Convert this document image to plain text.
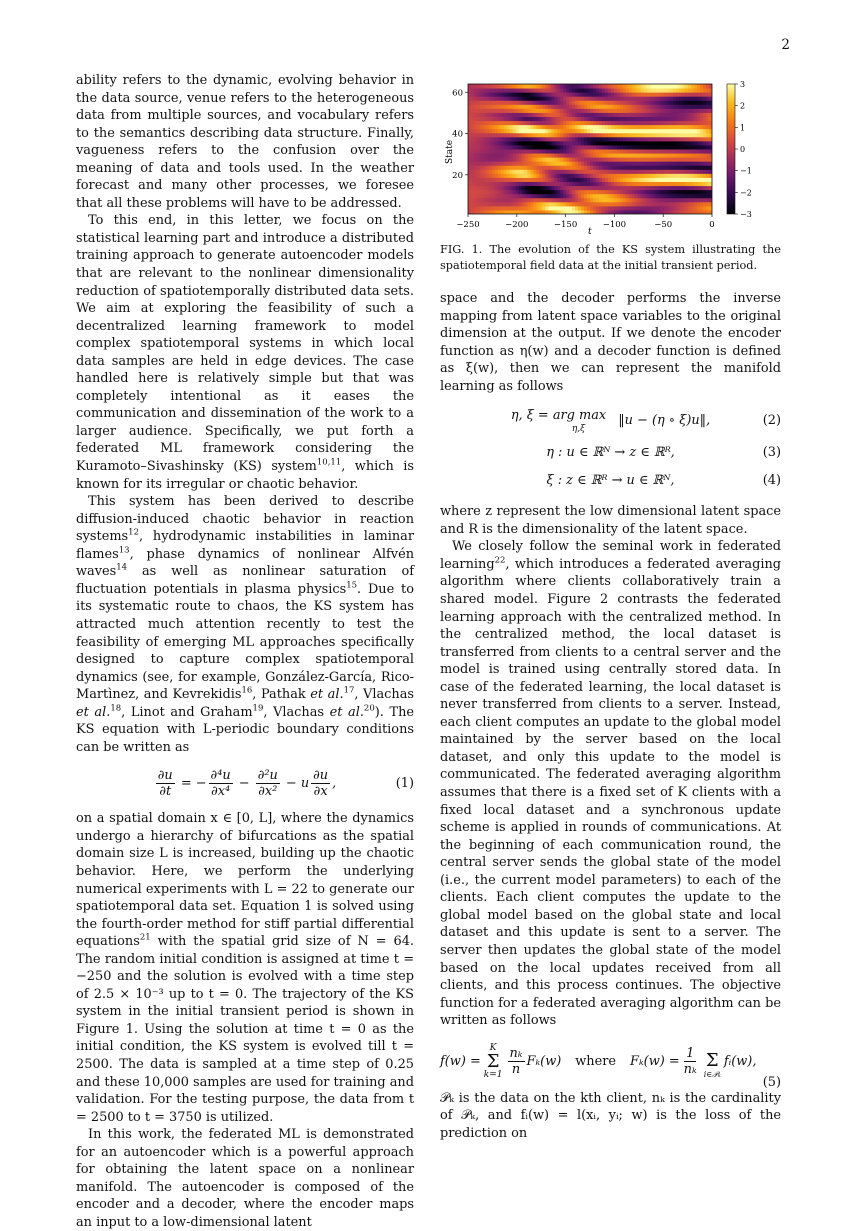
2

ability refers to the dynamic, evolving behavior in the data source, venue refers to the heterogeneous data from multiple sources, and vocabulary refers to the semantics describing data structure. Finally, vagueness refers to the confusion over the meaning of data and tools used. In the weather forecast and many other processes, we foresee that all these problems will have to be addressed.

To this end, in this letter, we focus on the statistical learning part and introduce a distributed training approach to generate autoencoder models that are relevant to the nonlinear dimensionality reduction of spatiotemporally distributed data sets. We aim at exploring the feasibility of such a decentralized learning framework to model complex spatiotemporal systems in which local data samples are held in edge devices. The case handled here is relatively simple but that was completely intentional as it eases the communication and dissemination of the work to a larger audience. Specifically, we put forth a federated ML framework considering the Kuramoto–Sivashinsky (KS) system$^{10,11}$, which is known for its irregular or chaotic behavior.

This system has been derived to describe diffusion-induced chaotic behavior in reaction systems$^{12}$, hydrodynamic instabilities in laminar flames$^{13}$, phase dynamics of nonlinear Alfvén waves$^{14}$ as well as nonlinear saturation of fluctuation potentials in plasma physics$^{15}$. Due to its systematic route to chaos, the KS system has attracted much attention recently to test the feasibility of emerging ML approaches specifically designed to capture complex spatiotemporal dynamics (see, for example, González-García, Rico-Martìnez, and Kevrekidis$^{16}$, Pathak et al.$^{17}$, Vlachas et al.$^{18}$, Linot and Graham$^{19}$, Vlachas et al.$^{20}$). The KS equation with L-periodic boundary conditions can be written as

$\frac{\partial u}{\partial t}$ = − $\frac{\text{∂⁴u}}{\text{∂x⁴}} - \frac{\text{∂²u}}{\text{∂x²}} - u \frac{\partial u}{\partial x}$ ,	(1)

on a spatial domain x ∈ [0, L], where the dynamics undergo a hierarchy of bifurcations as the spatial domain size L is increased, building up the chaotic behavior. Here, we perform the underlying numerical experiments with L = 22 to generate our spatiotemporal data set. Equation 1 is solved using the fourth-order method for stiff partial differential equations$^{21}$ with the spatial grid size of N = 64. The random initial condition is assigned at time t = −250 and the solution is evolved with a time step of 2.5 × 10⁻³ up to t = 0. The trajectory of the KS system in the initial transient period is shown in Figure 1. Using the solution at time t = 0 as the initial condition, the KS system is evolved till t = 2500. The data is sampled at a time step of 0.25 and these 10,000 samples are used for training and validation. For the testing purpose, the data from t = 2500 to t = 3750 is utilized.

In this work, the federated ML is demonstrated for an autoencoder which is a powerful approach for obtaining the latent space on a nonlinear manifold. The autoencoder is composed of the encoder and a decoder, where the encoder maps an input to a low-dimensional latent

−250	−200	−150	−100	−50	0
20
40
60
State
t
3
2
1
0
−1
−2
−3
FIG. 1. The evolution of the KS system illustrating the spatiotemporal field data at the initial transient period.

space and the decoder performs the inverse mapping from latent space variables to the original dimension at the output. If we denote the encoder function as η(w) and a decoder function is defined as ξ(w), then we can represent the manifold learning as follows

η, ξ = arg max
η,ξ
‖u − (η ∘ ξ)u‖,	(2)
η : u ∈ ℝᴺ → z ∈ ℝᴿ,	(3)
ξ : z ∈ ℝᴿ → u ∈ ℝᴺ,	(4)

where z represent the low dimensional latent space and R is the dimensionality of the latent space.

We closely follow the seminal work in federated learning$^{22}$, which introduces a federated averaging algorithm where clients collaboratively train a shared model. Figure 2 contrasts the federated learning approach with the centralized method. In the centralized method, the local dataset is transferred from clients to a central server and the model is trained using centrally stored data. In case of the federated learning, the local dataset is never transferred from clients to a server. Instead, each client computes an update to the global model maintained by the server based on the local dataset, and only this update to the model is communicated. The federated averaging algorithm assumes that there is a fixed set of K clients with a fixed local dataset and a synchronous update scheme is applied in rounds of communications. At the beginning of each communication round, the central server sends the global state of the model (i.e., the current model parameters) to each of the clients. Each client computes the update to the global model based on the global state and local dataset and this update is sent to a server. The server then updates the global state of the model based on the local updates received from all clients, and this process continues. The objective function for a federated averaging algorithm can be written as follows

f(w) =
K
Σ
$k=1 \frac{\text{nₖ}}{n} F_k(w)$ where $F_k(w) = \frac{1}{\text{nₖ}}$ Σ
i∈𝒫ₖ
fᵢ(w),
(5)

𝒫ₖ is the data on the kth client, nₖ is the cardinality of 𝒫ₖ, and fᵢ(w) = l(xᵢ, yᵢ; w) is the loss of the prediction on
